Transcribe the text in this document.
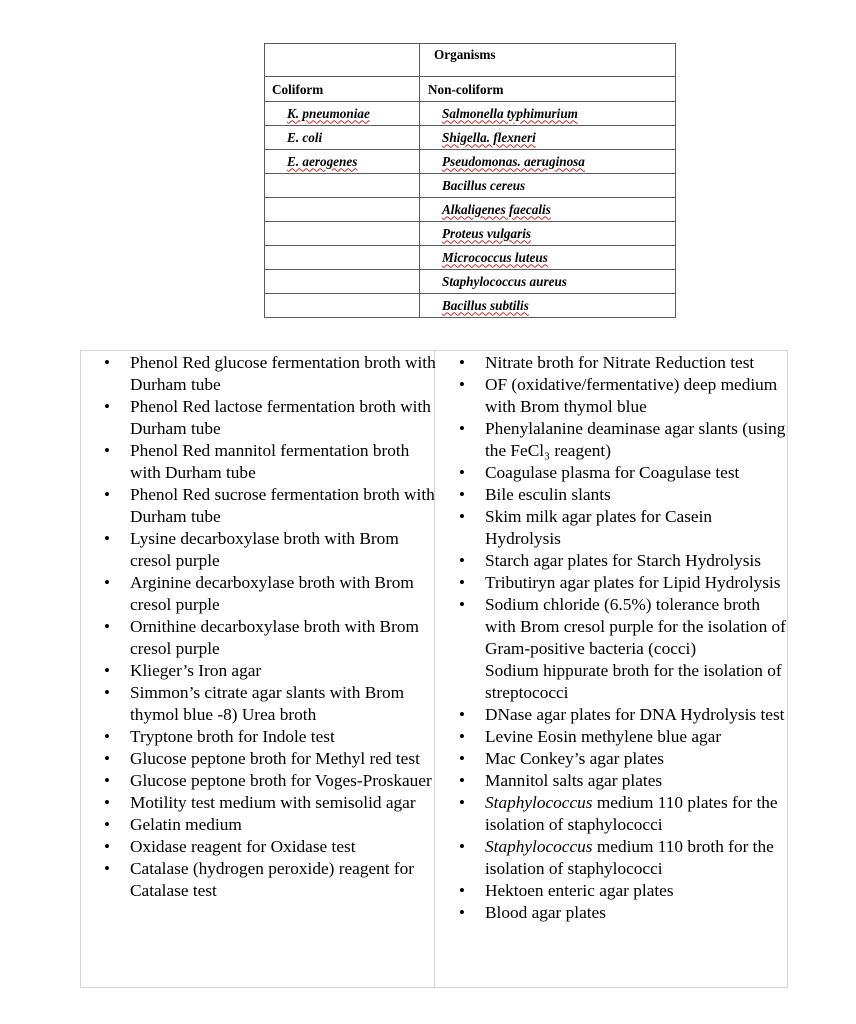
	Organisms
Coliform	Non-coliform
K. pneumoniae	Salmonella typhimurium
E. coli	Shigella. flexneri
E. aerogenes	Pseudomonas. aeruginosa
	Bacillus cereus
	Alkaligenes faecalis
	Proteus vulgaris
	Micrococcus luteus
	Staphylococcus aureus
	Bacillus subtilis
• Phenol Red glucose fermentation broth with Durham tube
• Phenol Red lactose fermentation broth with Durham tube
• Phenol Red mannitol fermentation broth with Durham tube
• Phenol Red sucrose fermentation broth with Durham tube
• Lysine decarboxylase broth with Brom cresol purple
• Arginine decarboxylase broth with Brom cresol purple
• Ornithine decarboxylase broth with Brom cresol purple
• Klieger’s Iron agar
• Simmon’s citrate agar slants with Brom thymol blue -8) Urea broth
• Tryptone broth for Indole test
• Glucose peptone broth for Methyl red test
• Glucose peptone broth for Voges-Proskauer
• Motility test medium with semisolid agar
• Gelatin medium
• Oxidase reagent for Oxidase test
• Catalase (hydrogen peroxide) reagent for Catalase test
• Nitrate broth for Nitrate Reduction test
• OF (oxidative/fermentative) deep medium with Brom thymol blue
• Phenylalanine deaminase agar slants (using the FeCl₃ reagent)
• Coagulase plasma for Coagulase test
• Bile esculin slants
• Skim milk agar plates for Casein Hydrolysis
• Starch agar plates for Starch Hydrolysis
• Tributiryn agar plates for Lipid Hydrolysis
• Sodium chloride (6.5%) tolerance broth with Brom cresol purple for the isolation of Gram-positive bacteria (cocci)
Sodium hippurate broth for the isolation of streptococci
• DNase agar plates for DNA Hydrolysis test
• Levine Eosin methylene blue agar
• Mac Conkey’s agar plates
• Mannitol salts agar plates
• Staphylococcus medium 110 plates for the isolation of staphylococci
• Staphylococcus medium 110 broth for the isolation of staphylococci
• Hektoen enteric agar plates
• Blood agar plates
